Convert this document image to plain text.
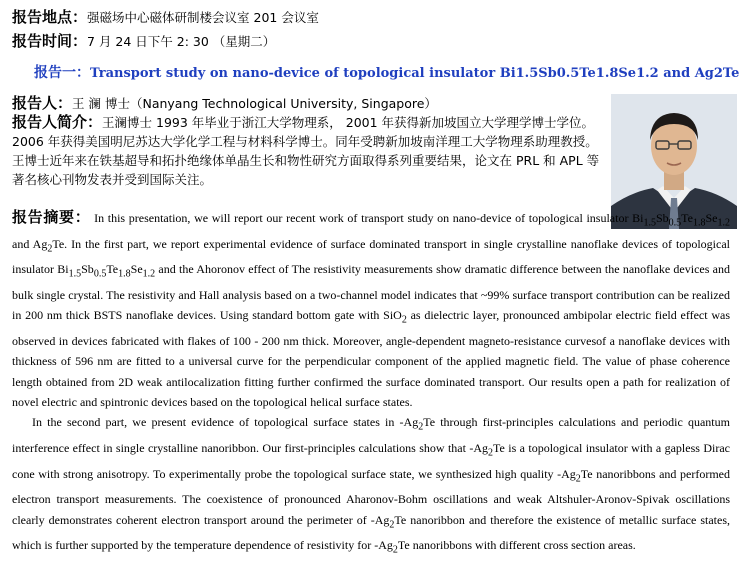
报告地点：强磁场中心磁体研制楼会议室 201 会议室
报告时间：7 月 24 日下午 2: 30 （星期二）
报告一：Transport study on nano-device of topological insulator Bi1.5Sb0.5Te1.8Se1.2 and Ag2Te
报告人：王 澜 博士（Nanyang Technological University, Singapore）
报告人简介：王澜博士 1993 年毕业于浙江大学物理系， 2001 年获得新加坡国立大学理学博士学位。2006 年获得美国明尼苏达大学化学工程与材料科学博士。同年受聘新加坡南洋理工大学物理系助理教授。王博士近年来在铁基超导和拓扑绝缘体单晶生长和物性研究方面取得系列重要结果，论文在 PRL 和 APL 等著名核心刊物发表并受到国际关注。

报告摘要： In this presentation, we will report our recent work of transport study on nano-device of topological insulator $Bi_{1.5}Sb_{0.5}Te_{1.8}Se_{1.2}$ and $Ag_2Te$. In the first part, we report experimental evidence of surface dominated transport in single crystalline nanoflake devices of topological insulator $Bi_{1.5}Sb_{0.5}Te_{1.8}Se_{1.2}$ and the Ahoronov effect of The resistivity measurements show dramatic difference between the nanoflake devices and bulk single crystal. The resistivity and Hall analysis based on a two-channel model indicates that ~99% surface transport contribution can be realized in 200 nm thick BSTS nanoflake devices. Using standard bottom gate with SiO$_2$ as dielectric layer, pronounced ambipolar electric field effect was observed in devices fabricated with flakes of 100 - 200 nm thick. Moreover, angle-dependent magneto-resistance curvesof a nanoflake devices with thickness of 596 nm are fitted to a universal curve for the perpendicular component of the applied magnetic field. The value of phase coherence length obtained from 2D weak antilocalization fitting further confirmed the surface dominated transport. Our results open a path for realization of novel electric and spintronic devices based on the topological helical surface states.

In the second part, we present evidence of topological surface states in $-Ag_2Te$ through first-principles calculations and periodic quantum interference effect in single crystalline nanoribbon. Our first-principles calculations show that $-Ag_2Te$ is a topological insulator with a gapless Dirac cone with strong anisotropy. To experimentally probe the topological surface state, we synthesized high quality $-Ag_2Te$ nanoribbons and performed electron transport measurements. The coexistence of pronounced Aharonov-Bohm oscillations and weak Altshuler-Aronov-Spivak oscillations clearly demonstrates coherent electron transport around the perimeter of $-Ag_2Te$ nanoribbon and therefore the existence of metallic surface states, which is further supported by the temperature dependence of resistivity for $-Ag_2Te$ nanoribbons with different cross section areas.
